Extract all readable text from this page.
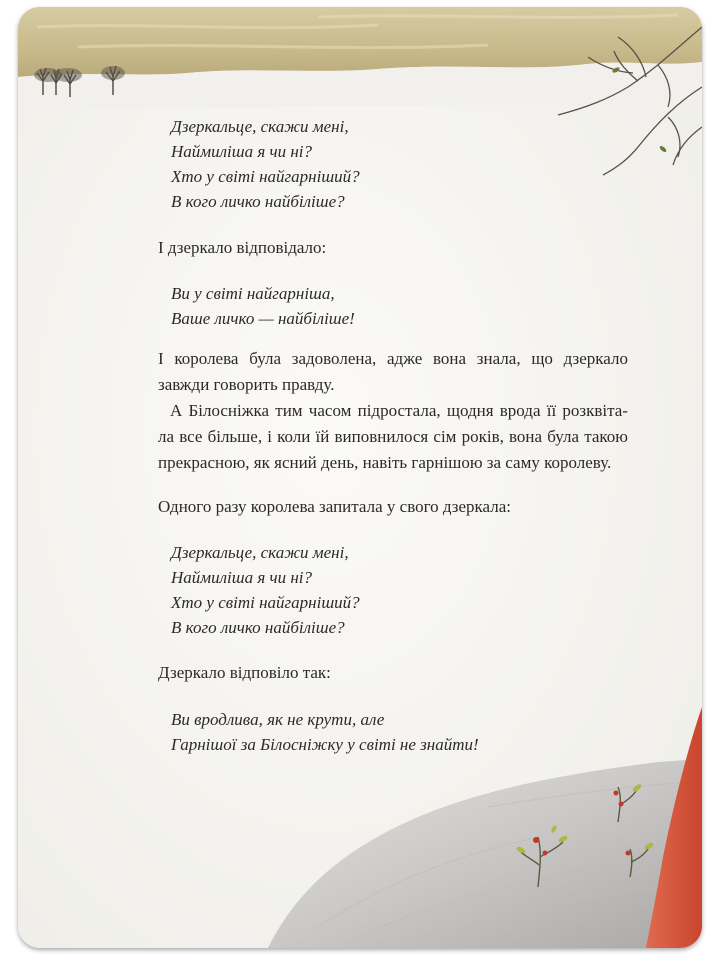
Дзеркальце, скажи мені,

Наймиліша я чи ні?

Хто у світі найгарніший?

В кого личко найбіліше?

І дзеркало відповідало:

Ви у світі найгарніша,

Ваше личко — найбіліше!

І королева була задоволена, адже вона знала, що дзеркало
завжди говорить правду.
А Білосніжка тим часом підростала, щодня врода її розквіта-
ла все більше, і коли їй виповнилося сім років, вона була такою
прекрасною, як ясний день, навіть гарнішою за саму королеву.

Одного разу королева запитала у свого дзеркала:

Дзеркальце, скажи мені,

Наймиліша я чи ні?

Хто у світі найгарніший?

В кого личко найбіліше?

Дзеркало відповіло так:

Ви вродлива, як не крути, але

Гарнішої за Білосніжку у світі не знайти!
